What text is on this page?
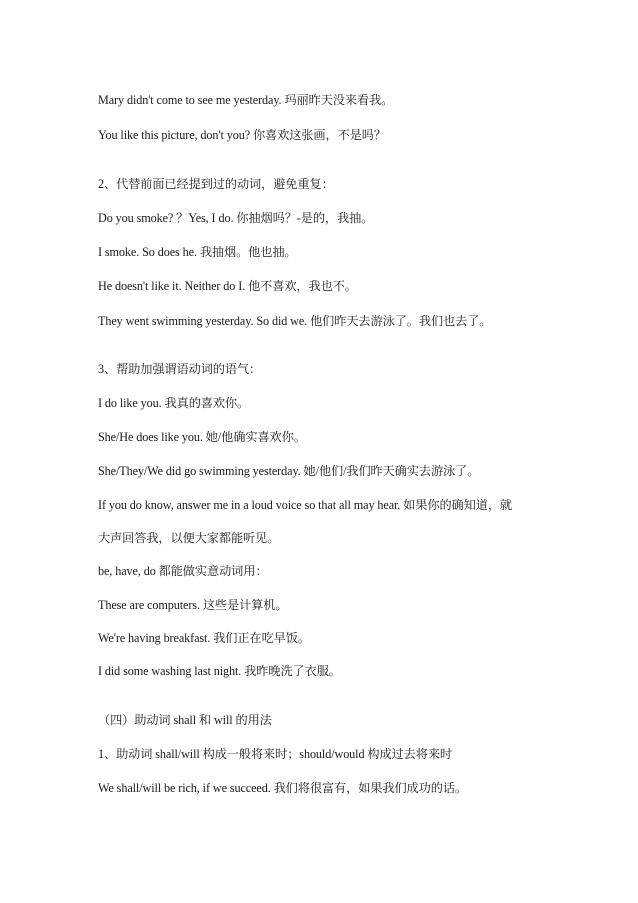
Mary didn't come to see me yesterday. 玛丽昨天没来看我。
You like this picture, don't you? 你喜欢这张画，不是吗？
2、代替前面已经提到过的动词，避免重复：
Do you smoke? ？Yes, I do. 你抽烟吗？-是的，我抽。
I smoke. So does he. 我抽烟。他也抽。
He doesn't like it. Neither do I. 他不喜欢，我也不。
They went swimming yesterday. So did we. 他们昨天去游泳了。我们也去了。
3、帮助加强谓语动词的语气：
I do like you. 我真的喜欢你。
She/He does like you. 她/他确实喜欢你。
She/They/We did go swimming yesterday. 她/他们/我们昨天确实去游泳了。
If you do know, answer me in a loud voice so that all may hear. 如果你的确知道，就
大声回答我，以便大家都能听见。
be, have, do 都能做实意动词用：
These are computers. 这些是计算机。
We're having breakfast. 我们正在吃早饭。
I did some washing last night. 我昨晚洗了衣服。
（四）助动词 shall 和 will 的用法
1、助动词 shall/will 构成一般将来时；should/would 构成过去将来时
We shall/will be rich, if we succeed. 我们将很富有，如果我们成功的话。
